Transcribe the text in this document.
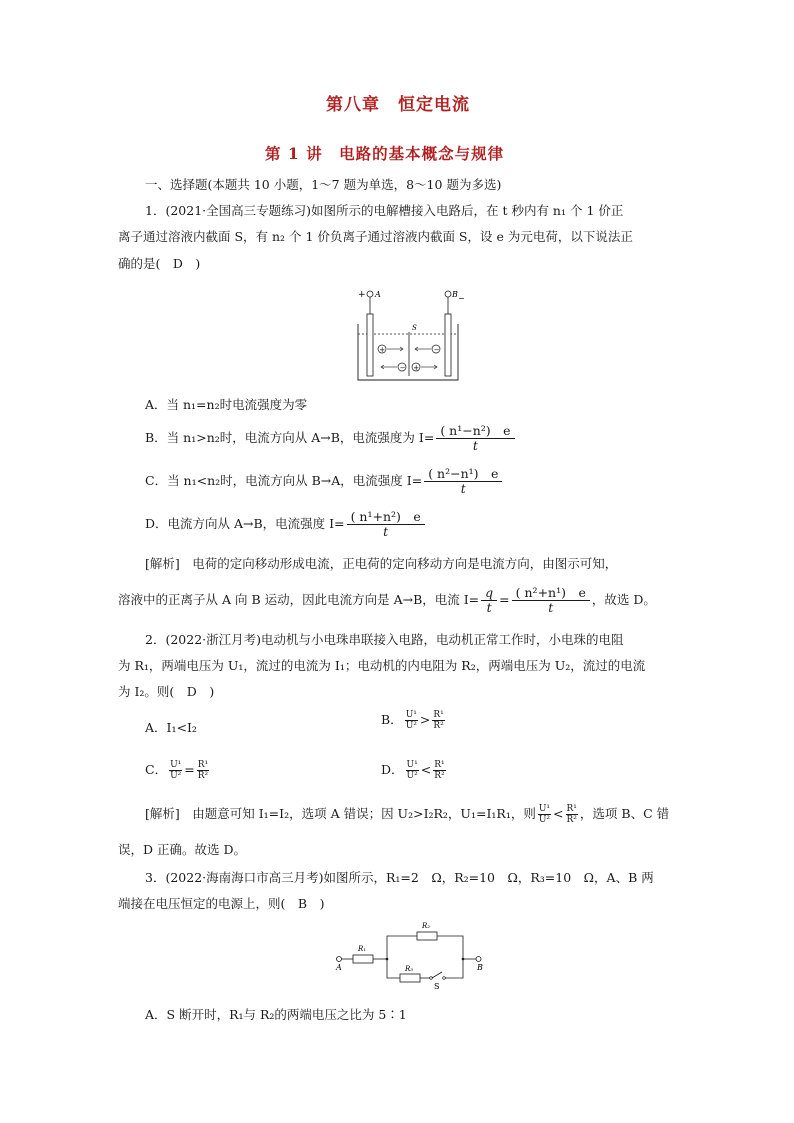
第八章　恒定电流
第 1 讲　电路的基本概念与规律
一、选择题(本题共 10 小题，1～7 题为单选，8～10 题为多选)
1．(2021·全国高三专题练习)如图所示的电解槽接入电路后，在 t 秒内有 n₁ 个 1 价正
离子通过溶液内截面 S，有 n₂ 个 1 价负离子通过溶液内截面 S，设 e 为元电荷，以下说法正
确的是(　D　)
+ A	B −
S
+	−
− +
A．当 n₁=n₂时电流强度为零
B．当 n₁>n₂时，电流方向从 A→B，电流强度为 $I= \frac{\text{( n¹−n²)　e}}{t}$
C．当 n₁<n₂时，电流方向从 B→A，电流强度 $I= \frac{\text{( n²−n¹)　e}}{t}$
D．电流方向从 A→B，电流强度 $I= \frac{\text{( n¹+n²)　e}}{t}$
[解析]　电荷的定向移动形成电流，正电荷的定向移动方向是电流方向，由图示可知，
溶液中的正离子从 A 向 B 运动，因此电流方向是 A→B，电流 $I= \frac{q}{t} = \frac{\text{( n²+n¹)　e}}{t}$ ，故选 D。
2．(2022·浙江月考)电动机与小电珠串联接入电路，电动机正常工作时，小电珠的电阻
为 R₁，两端电压为 U₁，流过的电流为 I₁；电动机的内电阻为 R₂，两端电压为 U₂，流过的电流
为 I₂。则(　D　)
A．I₁<I₂
B． $\frac{\text{U¹}}{\text{U²}} > \frac{\text{R¹}}{\text{R²}}$
C． $\frac{\text{U¹}}{\text{U²}} = \frac{\text{R¹}}{\text{R²}}$	D． $\frac{\text{U¹}}{\text{U²}} < \frac{\text{R¹}}{\text{R²}}$
[解析]　由题意可知 I₁=I₂，选项 A 错误；因 U₂>I₂R₂，U₁=I₁R₁，则 $\frac{\text{U¹}}{\text{U²}} < \frac{\text{R¹}}{\text{R²}}$ ，选项 B、C 错
误，D 正确。故选 D。
3．(2022·海南海口市高三月考)如图所示，R₁=2　Ω，R₂=10　Ω，R₃=10　Ω，A、B 两
端接在电压恒定的电源上，则(　B　)
A
R₁
R₂
R₃
S
B
A．S 断开时，R₁与 R₂的两端电压之比为 5∶1
